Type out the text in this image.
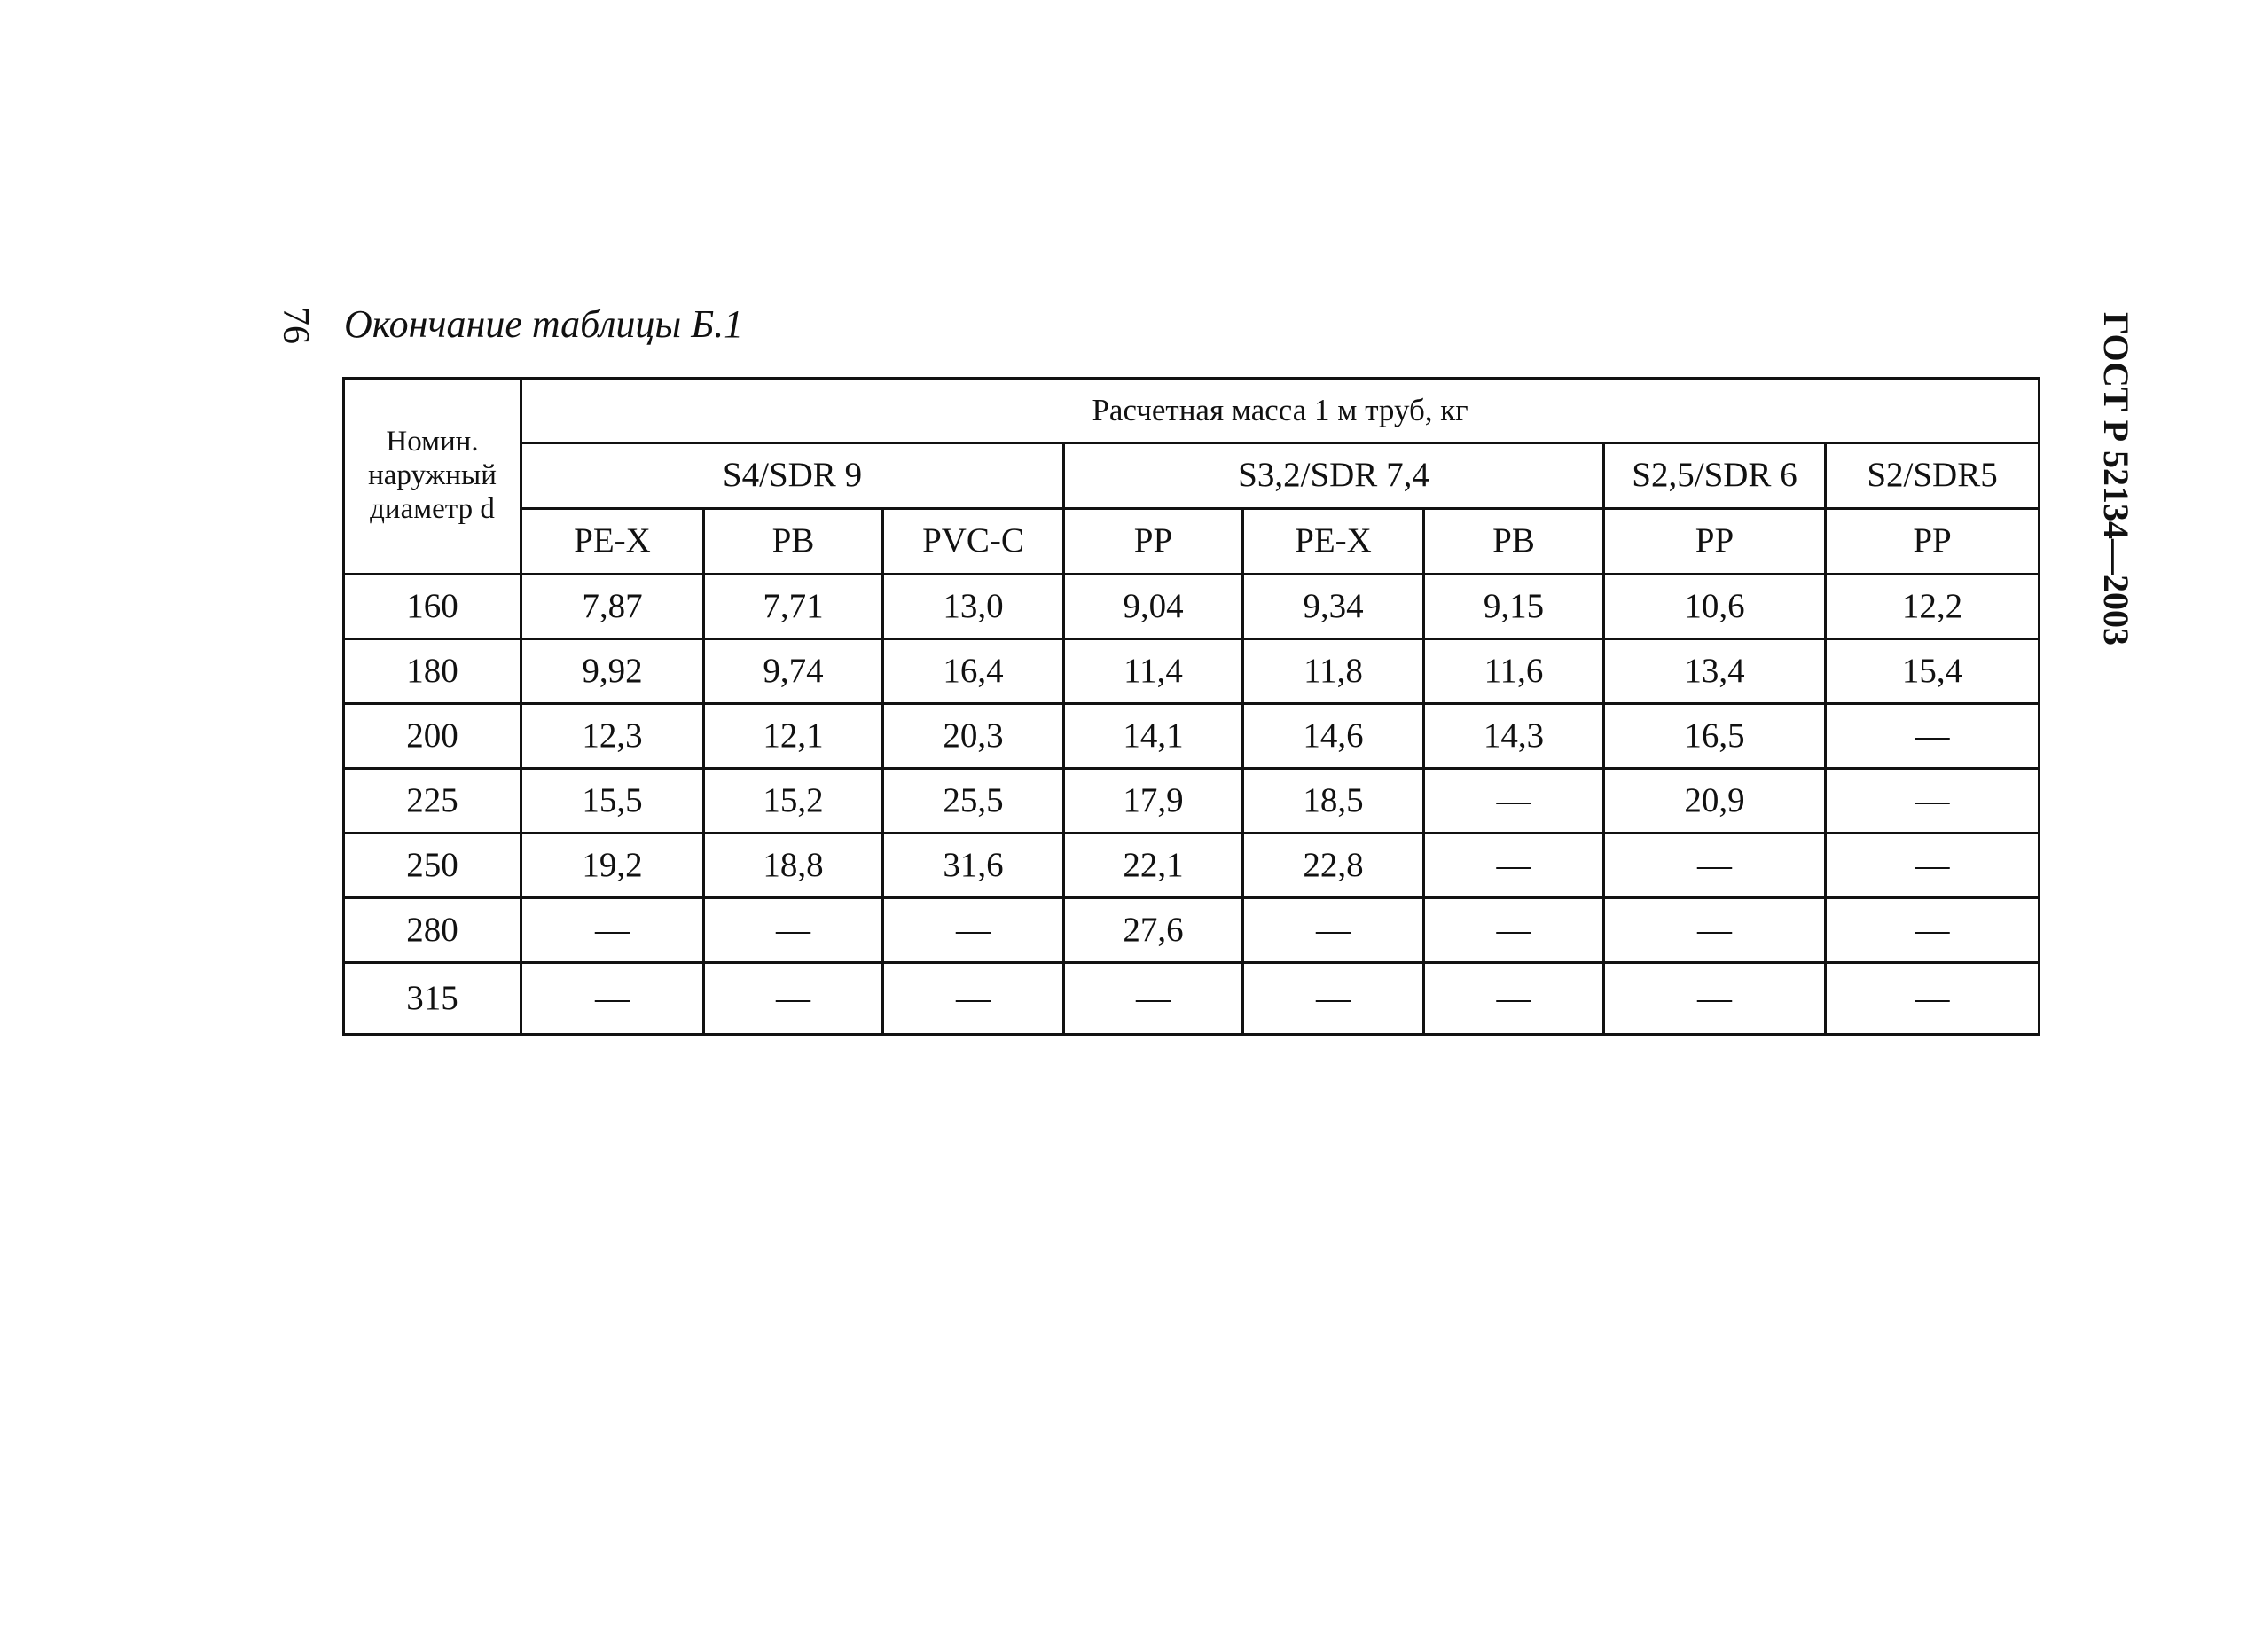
76 Окончание таблицы Б.1	ГОСТ Р 52134—2003
Номин.
наружный
диаметр d	Расчетная масса 1 м труб, кг							
	S4/SDR 9			S3,2/SDR 7,4			S2,5/SDR 6	S2/SDR5
	PE-X	PB	PVC-C	PP	PE-X	PB	PP	PP
160	7,87	7,71	13,0	9,04	9,34	9,15	10,6	12,2
180	9,92	9,74	16,4	11,4	11,8	11,6	13,4	15,4
200	12,3	12,1	20,3	14,1	14,6	14,3	16,5	—
225	15,5	15,2	25,5	17,9	18,5	—	20,9	—
250	19,2	18,8	31,6	22,1	22,8	—	—	—
280	—	—	—	27,6	—	—	—	—
315	—	—	—	—	—	—	—	—
